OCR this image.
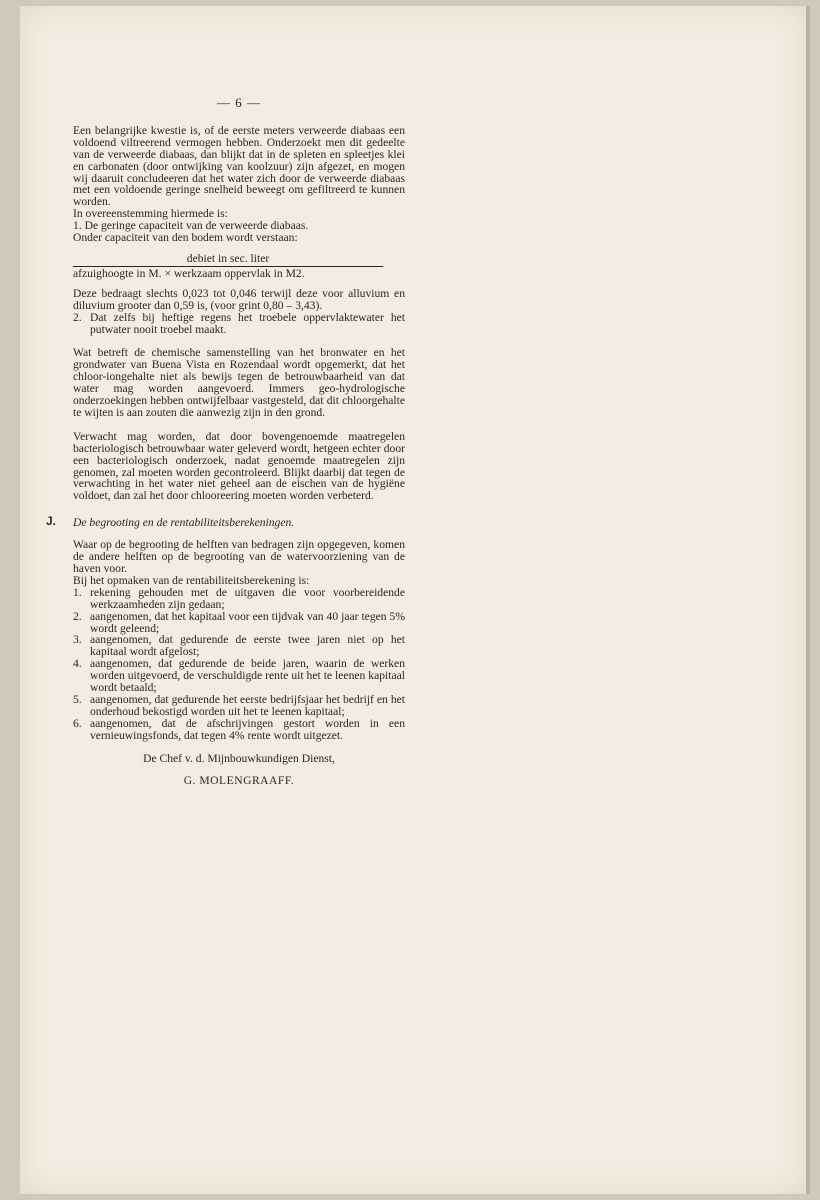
— 6 —

Een belangrijke kwestie is, of de eerste meters verweerde diabaas een voldoend viltreerend vermogen hebben. Onderzoekt men dit gedeelte van de verweerde diabaas, dan blijkt dat in de spleten en spleetjes klei en carbonaten (door ontwijking van koolzuur) zijn afgezet, en mogen wij daaruit concludeeren dat het water zich door de verweerde diabaas met een voldoende geringe snelheid beweegt om gefiltreerd te kunnen worden.

In overeenstemming hiermede is:

1. De geringe capaciteit van de verweerde diabaas.

Onder capaciteit van den bodem wordt verstaan:

debiet in sec. liter
afzuighoogte in M. × werkzaam oppervlak in M2.

Deze bedraagt slechts 0,023 tot 0,046 terwijl deze voor alluvium en diluvium grooter dan 0,59 is, (voor grint 0,80 – 3,43).

2. Dat zelfs bij heftige regens het troebele oppervlaktewater het putwater nooit troebel maakt.

Wat betreft de chemische samenstelling van het bronwater en het grondwater van Buena Vista en Rozendaal wordt opgemerkt, dat het chloor-iongehalte niet als bewijs tegen de betrouwbaarheid van dat water mag worden aangevoerd. Immers geo-hydrologische onderzoekingen hebben ontwijfelbaar vastgesteld, dat dit chloorgehalte te wijten is aan zouten die aanwezig zijn in den grond.

Verwacht mag worden, dat door bovengenoemde maatregelen bacteriologisch betrouwbaar water geleverd wordt, hetgeen echter door een bacteriologisch onderzoek, nadat genoemde maatregelen zijn genomen, zal moeten worden gecontroleerd. Blijkt daarbij dat tegen de verwachting in het water niet geheel aan de eischen van de hygiëne voldoet, dan zal het door chlooreering moeten worden verbeterd.

J. De begrooting en de rentabiliteitsberekeningen.

Waar op de begrooting de helften van bedragen zijn opgegeven, komen de andere helften op de begrooting van de watervoorziening van de haven voor.

Bij het opmaken van de rentabiliteitsberekening is:

1. rekening gehouden met de uitgaven die voor voorbereidende werkzaamheden zijn gedaan;
2. aangenomen, dat het kapitaal voor een tijdvak van 40 jaar tegen 5% wordt geleend;
3. aangenomen, dat gedurende de eerste twee jaren niet op het kapitaal wordt afgelost;
4. aangenomen, dat gedurende de beide jaren, waarin de werken worden uitgevoerd, de verschuldigde rente uit het te leenen kapitaal wordt betaald;
5. aangenomen, dat gedurende het eerste bedrijfsjaar het bedrijf en het onderhoud bekostigd worden uit het te leenen kapitaal;
6. aangenomen, dat de afschrijvingen gestort worden in een vernieuwingsfonds, dat tegen 4% rente wordt uitgezet.
De Chef v. d. Mijnbouwkundigen Dienst,
G. MOLENGRAAFF.
